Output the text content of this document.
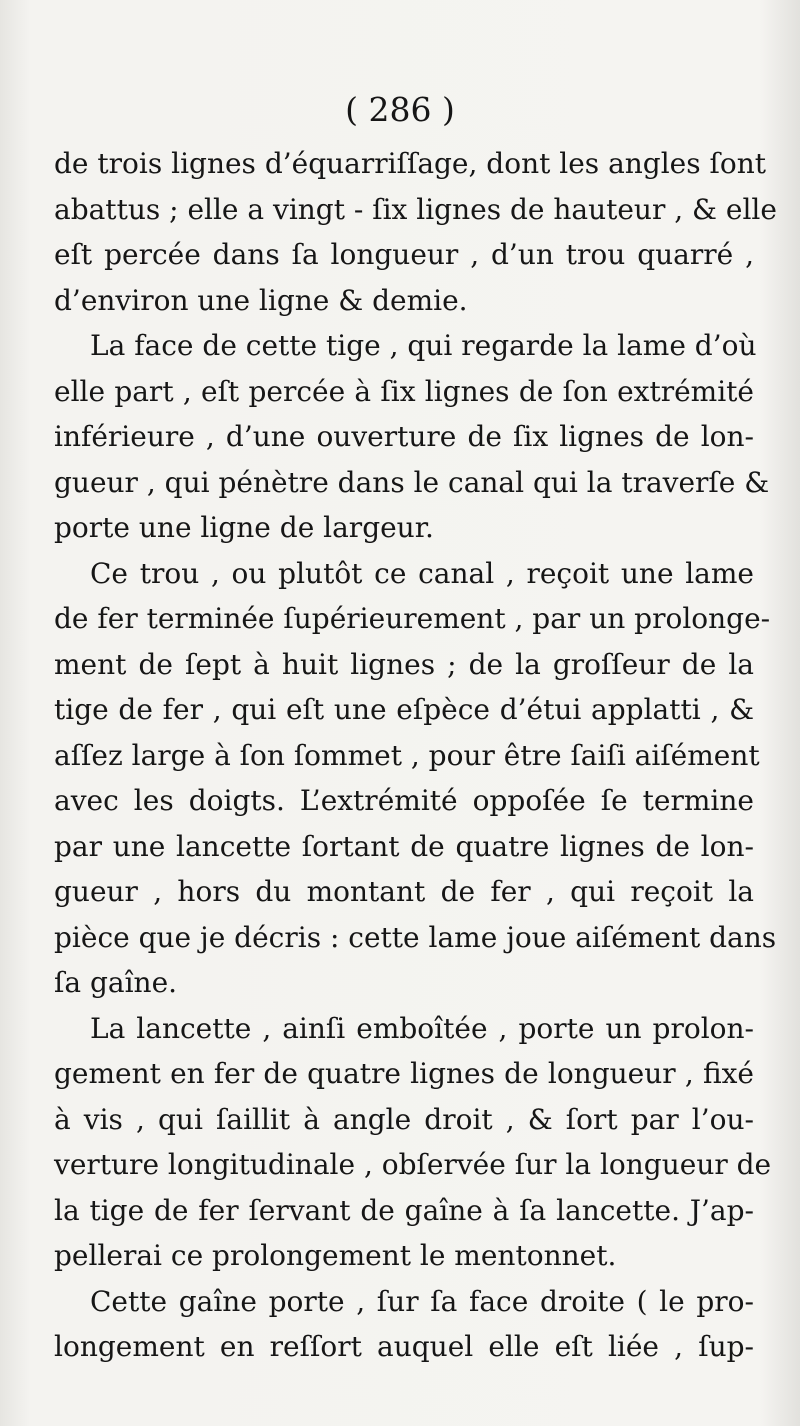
( 286 )
de trois lignes d’équarriſſage, dont les angles ſont
abattus ; elle a vingt - ſix lignes de hauteur , & elle
eſt percée dans ſa longueur , d’un trou quarré ,
d’environ une ligne & demie.
La face de cette tige , qui regarde la lame d’où
elle part , eſt percée à ſix lignes de ſon extrémité
inférieure , d’une ouverture de ſix lignes de lon-
gueur , qui pénètre dans le canal qui la traverſe &
porte une ligne de largeur.
Ce trou , ou plutôt ce canal , reçoit une lame
de fer terminée ſupérieurement , par un prolonge-
ment de ſept à huit lignes ; de la groſſeur de la
tige de fer , qui eſt une eſpèce d’étui applatti , &
aſſez large à ſon ſommet , pour être ſaiſi aiſément
avec les doigts. L’extrémité oppoſée ſe termine
par une lancette ſortant de quatre lignes de lon-
gueur , hors du montant de fer , qui reçoit la
pièce que je décris : cette lame joue aiſément dans
ſa gaîne.
La lancette , ainſi emboîtée , porte un prolon-
gement en fer de quatre lignes de longueur , fixé
à vis , qui ſaillit à angle droit , & ſort par l’ou-
verture longitudinale , obſervée ſur la longueur de
la tige de fer ſervant de gaîne à ſa lancette. J’ap-
pellerai ce prolongement le mentonnet.
Cette gaîne porte , ſur ſa face droite ( le pro-
longement en reſſort auquel elle eſt liée , ſup-
